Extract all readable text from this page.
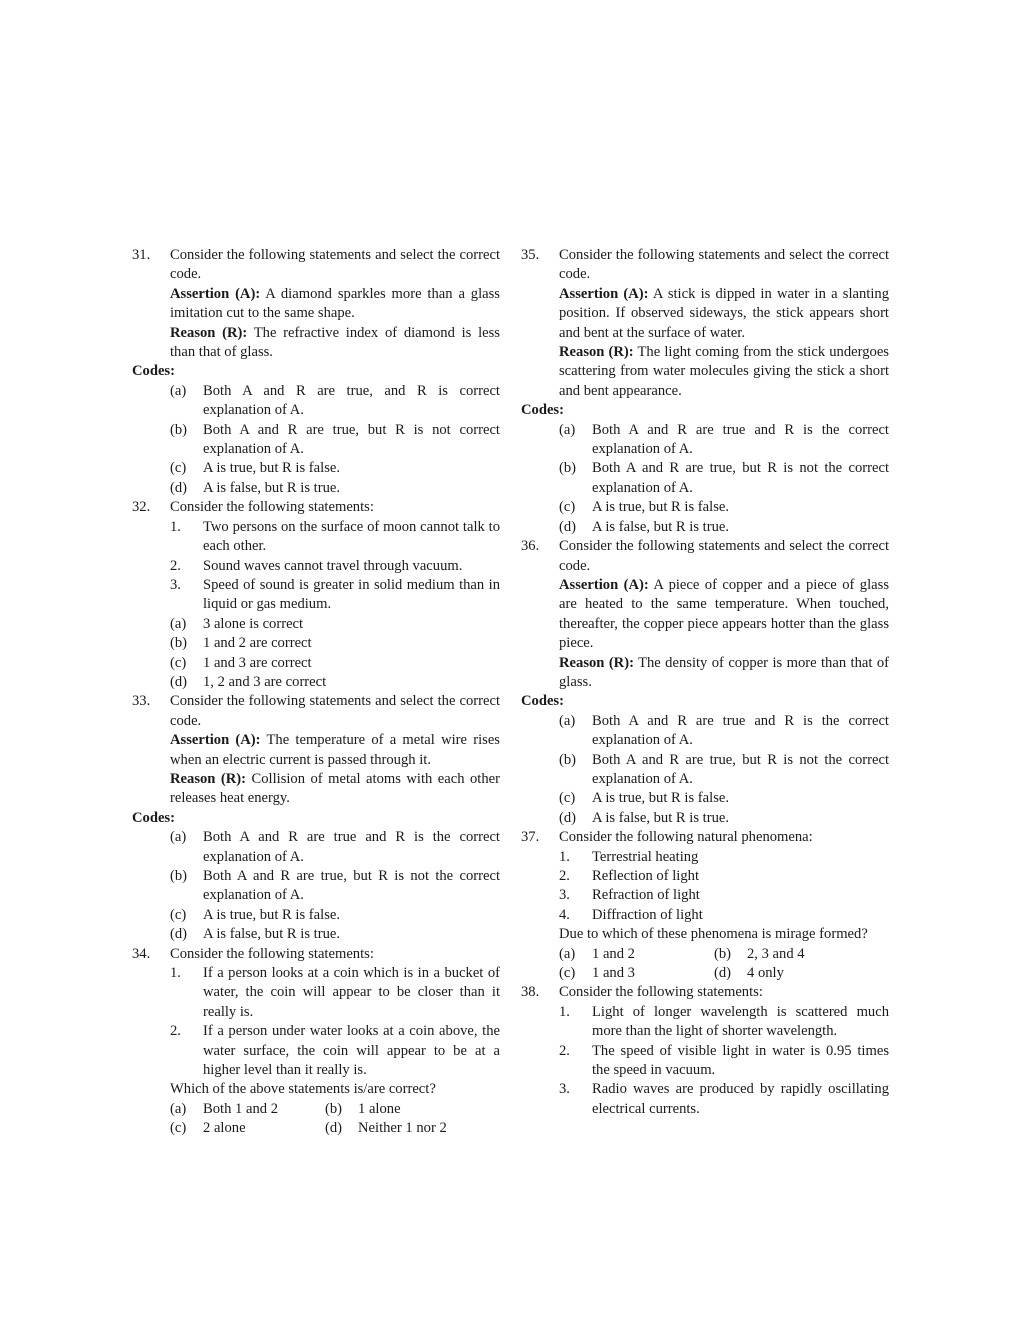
31. Consider the following statements and select the correct code.
Assertion (A): A diamond sparkles more than a glass imitation cut to the same shape.
Reason (R): The refractive index of diamond is less than that of glass.
Codes:
(a) Both A and R are true, and R is correct explanation of A.
(b) Both A and R are true, but R is not correct explanation of A.
(c) A is true, but R is false.
(d) A is false, but R is true.
32. Consider the following statements:
1. Two persons on the surface of moon cannot talk to each other.
2. Sound waves cannot travel through vacuum.
3. Speed of sound is greater in solid medium than in liquid or gas medium.
(a) 3 alone is correct
(b) 1 and 2 are correct
(c) 1 and 3 are correct
(d) 1, 2 and 3 are correct
33. Consider the following statements and select the correct code.
Assertion (A): The temperature of a metal wire rises when an electric current is passed through it.
Reason (R): Collision of metal atoms with each other releases heat energy.
Codes:
(a) Both A and R are true and R is the correct explanation of A.
(b) Both A and R are true, but R is not the correct explanation of A.
(c) A is true, but R is false.
(d) A is false, but R is true.
34. Consider the following statements:
1. If a person looks at a coin which is in a bucket of water, the coin will appear to be closer than it really is.
2. If a person under water looks at a coin above, the water surface, the coin will appear to be at a higher level than it really is.
Which of the above statements is/are correct?
(a) Both 1 and 2	(b) 1 alone
(c) 2 alone	(d) Neither 1 nor 2
35. Consider the following statements and select the correct code.
Assertion (A): A stick is dipped in water in a slanting position. If observed sideways, the stick appears short and bent at the surface of water.
Reason (R): The light coming from the stick undergoes scattering from water molecules giving the stick a short and bent appearance.
Codes:
(a) Both A and R are true and R is the correct explanation of A.
(b) Both A and R are true, but R is not the correct explanation of A.
(c) A is true, but R is false.
(d) A is false, but R is true.
36. Consider the following statements and select the correct code.
Assertion (A): A piece of copper and a piece of glass are heated to the same temperature. When touched, thereafter, the copper piece appears hotter than the glass piece.
Reason (R): The density of copper is more than that of glass.
Codes:
(a) Both A and R are true and R is the correct explanation of A.
(b) Both A and R are true, but R is not the correct explanation of A.
(c) A is true, but R is false.
(d) A is false, but R is true.
37. Consider the following natural phenomena:
1. Terrestrial heating
2. Reflection of light
3. Refraction of light
4. Diffraction of light
Due to which of these phenomena is mirage formed?
(a) 1 and 2	(b) 2, 3 and 4
(c) 1 and 3	(d) 4 only
38. Consider the following statements:
1. Light of longer wavelength is scattered much more than the light of shorter wavelength.
2. The speed of visible light in water is 0.95 times the speed in vacuum.
3. Radio waves are produced by rapidly oscillating electrical currents.
